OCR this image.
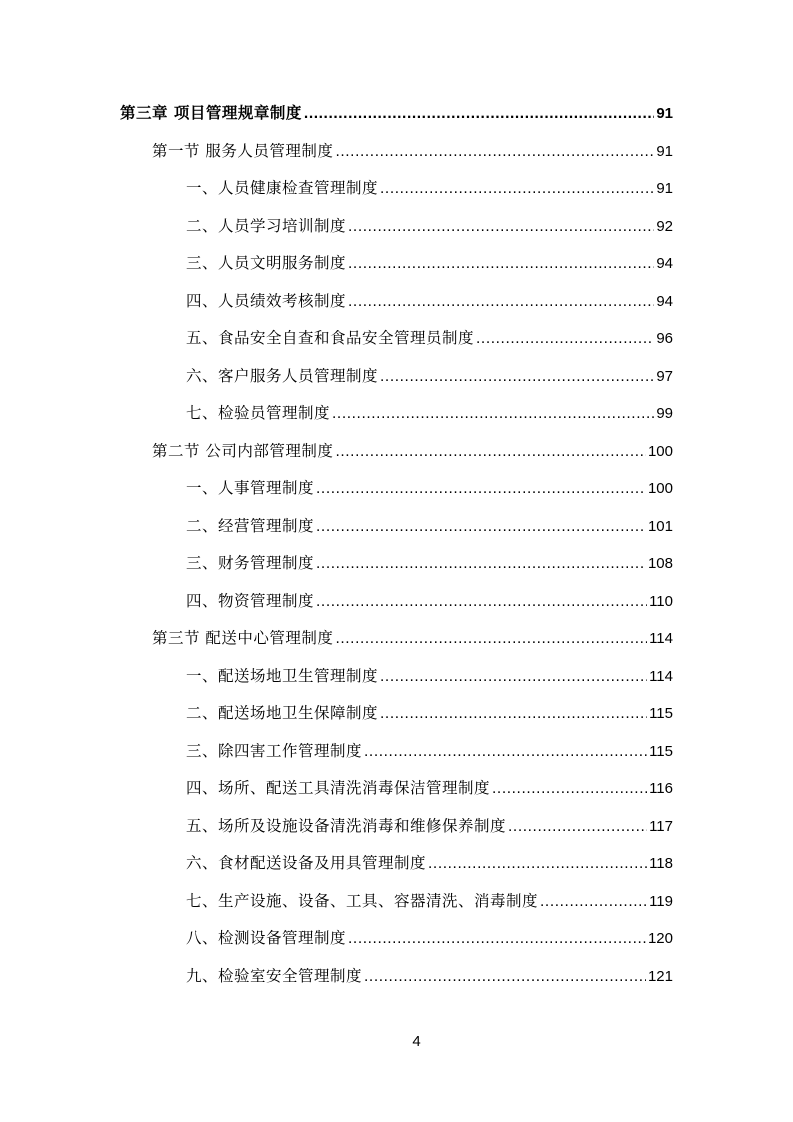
第三章 项目管理规章制度 .....	91
第一节 服务人员管理制度 .....	91
一、人员健康检查管理制度 .....	91
二、人员学习培训制度 .....	92
三、人员文明服务制度 .....	94
四、人员绩效考核制度 .....	94
五、食品安全自查和食品安全管理员制度 .....	96
六、客户服务人员管理制度 .....	97
七、检验员管理制度 .....	99
第二节 公司内部管理制度 .....	100
一、人事管理制度 .....	100
二、经营管理制度 .....	101
三、财务管理制度 .....	108
四、物资管理制度 .....	110
第三节 配送中心管理制度 .....	114
一、配送场地卫生管理制度 .....	114
二、配送场地卫生保障制度 .....	115
三、除四害工作管理制度 .....	115
四、场所、配送工具清洗消毒保洁管理制度 .....	116
五、场所及设施设备清洗消毒和维修保养制度 .....	117
六、食材配送设备及用具管理制度 .....	118
七、生产设施、设备、工具、容器清洗、消毒制度 .....	119
八、检测设备管理制度 .....	120
九、检验室安全管理制度 .....	121
4
